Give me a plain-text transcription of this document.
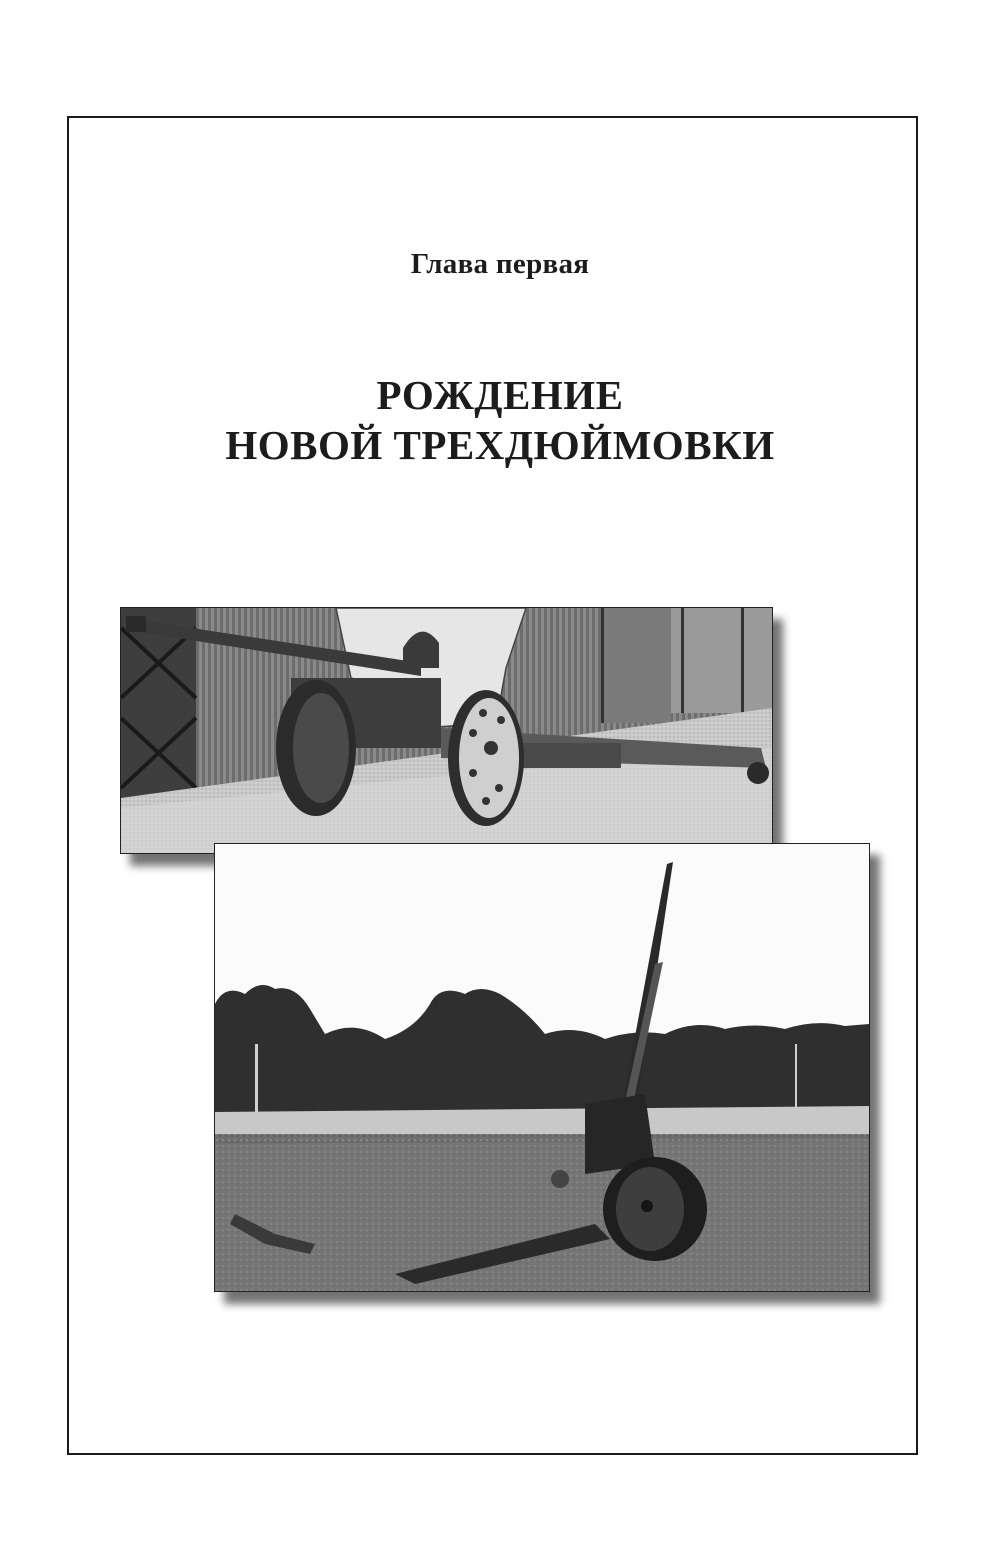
Глава первая
РОЖДЕНИЕ
НОВОЙ ТРЕХДЮЙМОВКИ
